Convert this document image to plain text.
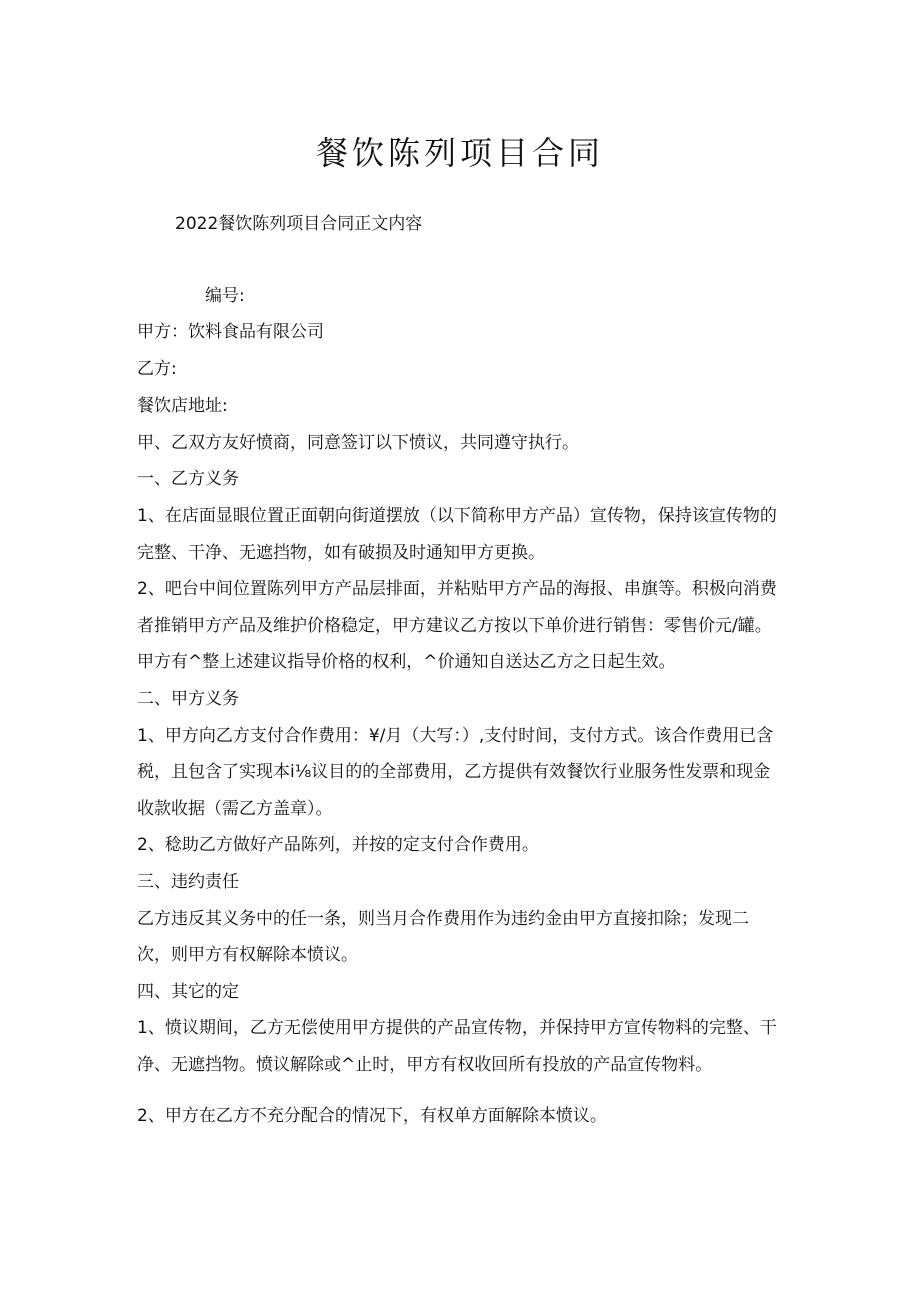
餐饮陈列项目合同

2022餐饮陈列项目合同正文内容

编号:

甲方：饮料食品有限公司

乙方:

餐饮店地址:

甲、乙双方友好愤商，同意签订以下愤议，共同遵守执行。

一、乙方义务

1、在店面显眼位置正面朝向街道摆放（以下简称甲方产品）宣传物，保持该宣传物的

完整、干净、无遮挡物，如有破损及时通知甲方更换。

2、吧台中间位置陈列甲方产品层排面，并粘贴甲方产品的海报、串旗等。积极向消费

者推销甲方产品及维护价格稳定，甲方建议乙方按以下单价进行销售：零售价元/罐。

甲方有^整上述建议指导价格的权利，^价通知自送达乙方之日起生效。

二、甲方义务

1、甲方向乙方支付合作费用：¥/月（大写：）,支付时间，支付方式。该合作费用已含

税，且包含了实现本i⅛议目的的全部费用，乙方提供有效餐饮行业服务性发票和现金

收款收据（需乙方盖章）。

2、稔助乙方做好产品陈列，并按的定支付合作费用。

三、违约责任

乙方违反其义务中的任一条，则当月合作费用作为违约金由甲方直接扣除；发现二

次，则甲方有权解除本愤议。

四、其它的定

1、愤议期间，乙方无偿使用甲方提供的产品宣传物，并保持甲方宣传物料的完整、干

净、无遮挡物。愤议解除或^止时，甲方有权收回所有投放的产品宣传物料。

2、甲方在乙方不充分配合的情况下，有权单方面解除本愤议。
